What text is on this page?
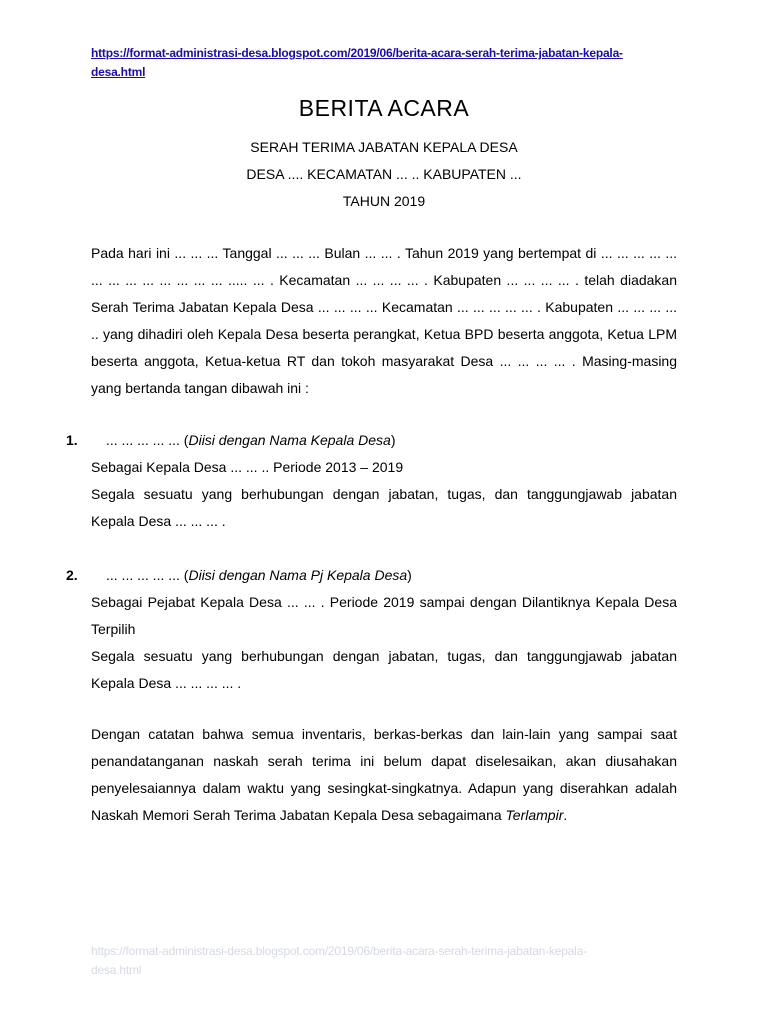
https://format-administrasi-desa.blogspot.com/2019/06/berita-acara-serah-terima-jabatan-kepala-
desa.html
BERITA ACARA
SERAH TERIMA JABATAN KEPALA DESA
DESA .... KECAMATAN ... .. KABUPATEN ...
TAHUN 2019
Pada hari ini ... ... ... Tanggal ... ... ... Bulan ... ... . Tahun 2019 yang bertempat di ... ... ... ... ... ... ... ... ... ... ... ... ... ..... ... . Kecamatan ... ... ... ... . Kabupaten ... ... ... ... . telah diadakan Serah Terima Jabatan Kepala Desa ... ... ... ... Kecamatan ... ... ... ... ... . Kabupaten ... ... ... ... .. yang dihadiri oleh Kepala Desa beserta perangkat, Ketua BPD beserta anggota, Ketua LPM beserta anggota, Ketua-ketua RT dan tokoh masyarakat Desa ... ... ... ... . Masing-masing yang bertanda tangan dibawah ini :
1. ... ... ... ... ... (Diisi dengan Nama Kepala Desa)
Sebagai Kepala Desa ... ... .. Periode 2013 – 2019
Segala sesuatu yang berhubungan dengan jabatan, tugas, dan tanggungjawab jabatan
Kepala Desa ... ... ... .
2. ... ... ... ... ... (Diisi dengan Nama Pj Kepala Desa)
Sebagai Pejabat Kepala Desa ... ... . Periode 2019 sampai dengan Dilantiknya Kepala Desa Terpilih
Segala sesuatu yang berhubungan dengan jabatan, tugas, dan tanggungjawab jabatan
Kepala Desa ... ... ... ... .
Dengan catatan bahwa semua inventaris, berkas-berkas dan lain-lain yang sampai saat penandatanganan naskah serah terima ini belum dapat diselesaikan, akan diusahakan penyelesaiannya dalam waktu yang sesingkat-singkatnya. Adapun yang diserahkan adalah Naskah Memori Serah Terima Jabatan Kepala Desa sebagaimana Terlampir.
https://format-administrasi-desa.blogspot.com/2019/06/berita-acara-serah-terima-jabatan-kepala-
desa.html
